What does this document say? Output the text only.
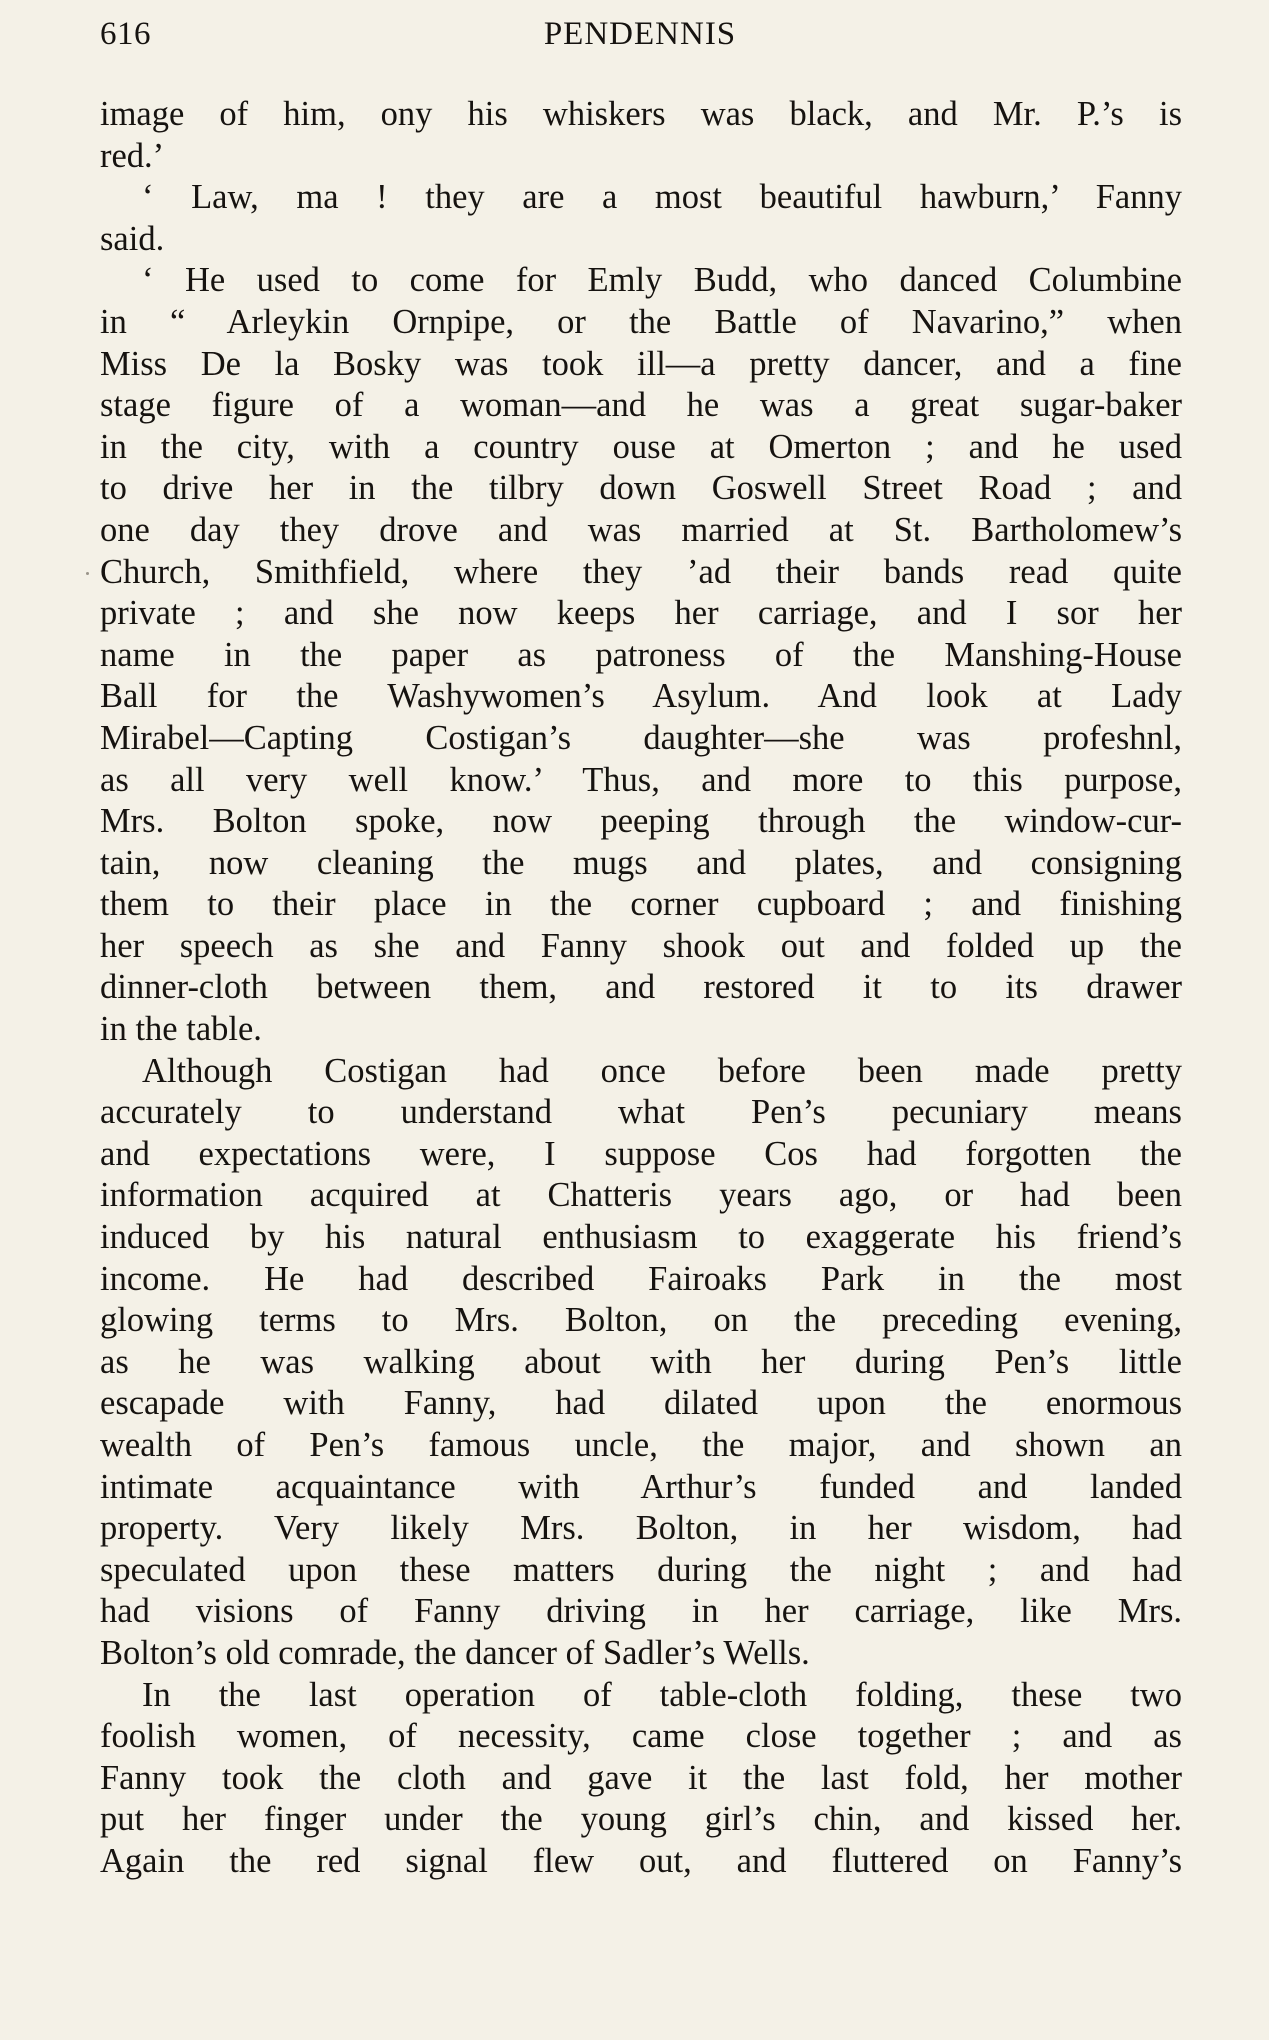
616	PENDENNIS
image of him, ony his whiskers was black, and Mr. P.’s is
red.’
‘ Law, ma ! they are a most beautiful hawburn,’ Fanny
said.
‘ He used to come for Emly Budd, who danced Columbine
in “ Arleykin Ornpipe, or the Battle of Navarino,” when
Miss De la Bosky was took ill—a pretty dancer, and a fine
stage figure of a woman—and he was a great sugar-baker
in the city, with a country ouse at Omerton ; and he used
to drive her in the tilbry down Goswell Street Road ; and
one day they drove and was married at St. Bartholomew’s
Church, Smithfield, where they ’ad their bands read quite
private ; and she now keeps her carriage, and I sor her
name in the paper as patroness of the Manshing-House
Ball for the Washywomen’s Asylum. And look at Lady
Mirabel—Capting Costigan’s daughter—she was profeshnl,
as all very well know.’ Thus, and more to this purpose,
Mrs. Bolton spoke, now peeping through the window-cur-
tain, now cleaning the mugs and plates, and consigning
them to their place in the corner cupboard ; and finishing
her speech as she and Fanny shook out and folded up the
dinner-cloth between them, and restored it to its drawer
in the table.
Although Costigan had once before been made pretty
accurately to understand what Pen’s pecuniary means
and expectations were, I suppose Cos had forgotten the
information acquired at Chatteris years ago, or had been
induced by his natural enthusiasm to exaggerate his friend’s
income. He had described Fairoaks Park in the most
glowing terms to Mrs. Bolton, on the preceding evening,
as he was walking about with her during Pen’s little
escapade with Fanny, had dilated upon the enormous
wealth of Pen’s famous uncle, the major, and shown an
intimate acquaintance with Arthur’s funded and landed
property. Very likely Mrs. Bolton, in her wisdom, had
speculated upon these matters during the night ; and had
had visions of Fanny driving in her carriage, like Mrs.
Bolton’s old comrade, the dancer of Sadler’s Wells.
In the last operation of table-cloth folding, these two
foolish women, of necessity, came close together ; and as
Fanny took the cloth and gave it the last fold, her mother
put her finger under the young girl’s chin, and kissed her.
Again the red signal flew out, and fluttered on Fanny’s
